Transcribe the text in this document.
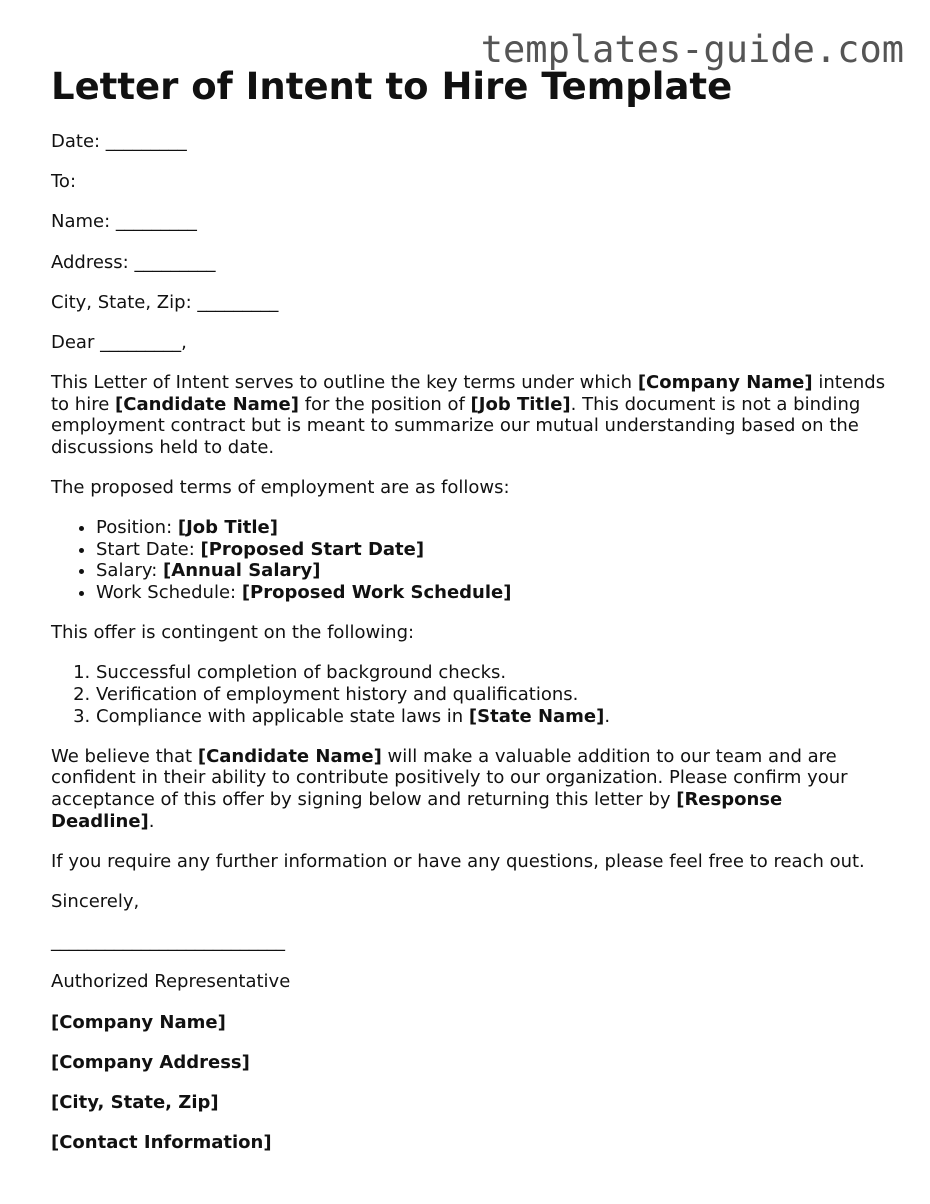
templates-guide.com
Letter of Intent to Hire Template

Date: _________

To:

Name: _________

Address: _________

City, State, Zip: _________

Dear _________,

This Letter of Intent serves to outline the key terms under which [Company Name] intends to hire [Candidate Name] for the position of [Job Title]. This document is not a binding employment contract but is meant to summarize our mutual understanding based on the discussions held to date.

The proposed terms of employment are as follows:

• Position: [Job Title]
• Start Date: [Proposed Start Date]
• Salary: [Annual Salary]
• Work Schedule: [Proposed Work Schedule]

This offer is contingent on the following:

1. Successful completion of background checks.
2. Verification of employment history and qualifications.
3. Compliance with applicable state laws in [State Name].

We believe that [Candidate Name] will make a valuable addition to our team and are confident in their ability to contribute positively to our organization. Please confirm your acceptance of this offer by signing below and returning this letter by [Response Deadline].

If you require any further information or have any questions, please feel free to reach out.

Sincerely,

__________________________

Authorized Representative

[Company Name]

[Company Address]

[City, State, Zip]

[Contact Information]
